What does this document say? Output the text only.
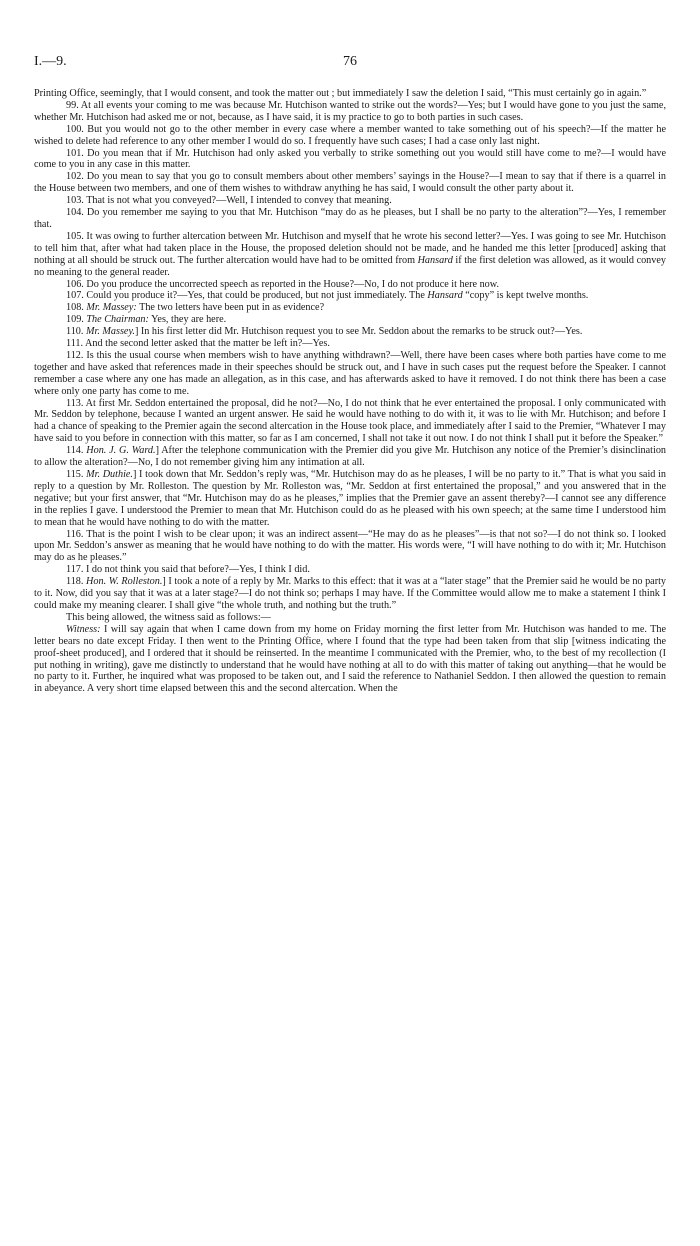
I.—9.	76

Printing Office, seemingly, that I would consent, and took the matter out ; but immediately I saw the deletion I said, “This must certainly go in again.”

99. At all events your coming to me was because Mr. Hutchison wanted to strike out the words?—Yes; but I would have gone to you just the same, whether Mr. Hutchison had asked me or not, because, as I have said, it is my practice to go to both parties in such cases.

100. But you would not go to the other member in every case where a member wanted to take something out of his speech?—If the matter he wished to delete had reference to any other member I would do so. I frequently have such cases; I had a case only last night.

101. Do you mean that if Mr. Hutchison had only asked you verbally to strike something out you would still have come to me?—I would have come to you in any case in this matter.

102. Do you mean to say that you go to consult members about other members’ sayings in the House?—I mean to say that if there is a quarrel in the House between two members, and one of them wishes to withdraw anything he has said, I would consult the other party about it.

103. That is not what you conveyed?—Well, I intended to convey that meaning.

104. Do you remember me saying to you that Mr. Hutchison “may do as he pleases, but I shall be no party to the alteration”?—Yes, I remember that.

105. It was owing to further altercation between Mr. Hutchison and myself that he wrote his second letter?—Yes. I was going to see Mr. Hutchison to tell him that, after what had taken place in the House, the proposed deletion should not be made, and he handed me this letter [produced] asking that nothing at all should be struck out. The further altercation would have had to be omitted from Hansard if the first deletion was allowed, as it would convey no meaning to the general reader.

106. Do you produce the uncorrected speech as reported in the House?—No, I do not produce it here now.

107. Could you produce it?—Yes, that could be produced, but not just immediately. The Hansard “copy” is kept twelve months.

108. Mr. Massey: The two letters have been put in as evidence?

109. The Chairman: Yes, they are here.

110. Mr. Massey.] In his first letter did Mr. Hutchison request you to see Mr. Seddon about the remarks to be struck out?—Yes.

111. And the second letter asked that the matter be left in?—Yes.

112. Is this the usual course when members wish to have anything withdrawn?—Well, there have been cases where both parties have come to me together and have asked that references made in their speeches should be struck out, and I have in such cases put the request before the Speaker. I cannot remember a case where any one has made an allegation, as in this case, and has afterwards asked to have it removed. I do not think there has been a case where only one party has come to me.

113. At first Mr. Seddon entertained the proposal, did he not?—No, I do not think that he ever entertained the proposal. I only communicated with Mr. Seddon by telephone, because I wanted an urgent answer. He said he would have nothing to do with it, it was to lie with Mr. Hutchison; and before I had a chance of speaking to the Premier again the second altercation in the House took place, and immediately after I said to the Premier, “Whatever I may have said to you before in connection with this matter, so far as I am concerned, I shall not take it out now. I do not think I shall put it before the Speaker.”

114. Hon. J. G. Ward.] After the telephone communication with the Premier did you give Mr. Hutchison any notice of the Premier’s disinclination to allow the alteration?—No, I do not remember giving him any intimation at all.

115. Mr. Duthie.] I took down that Mr. Seddon’s reply was, “Mr. Hutchison may do as he pleases, I will be no party to it.” That is what you said in reply to a question by Mr. Rolleston. The question by Mr. Rolleston was, “Mr. Seddon at first entertained the proposal,” and you answered that in the negative; but your first answer, that “Mr. Hutchison may do as he pleases,” implies that the Premier gave an assent thereby?—I cannot see any difference in the replies I gave. I understood the Premier to mean that Mr. Hutchison could do as he pleased with his own speech; at the same time I understood him to mean that he would have nothing to do with the matter.

116. That is the point I wish to be clear upon; it was an indirect assent—“He may do as he pleases”—is that not so?—I do not think so. I looked upon Mr. Seddon’s answer as meaning that he would have nothing to do with the matter. His words were, “I will have nothing to do with it; Mr. Hutchison may do as he pleases.”

117. I do not think you said that before?—Yes, I think I did.

118. Hon. W. Rolleston.] I took a note of a reply by Mr. Marks to this effect: that it was at a “later stage” that the Premier said he would be no party to it. Now, did you say that it was at a later stage?—I do not think so; perhaps I may have. If the Committee would allow me to make a statement I think I could make my meaning clearer. I shall give “the whole truth, and nothing but the truth.”

This being allowed, the witness said as follows:—

Witness: I will say again that when I came down from my home on Friday morning the first letter from Mr. Hutchison was handed to me. The letter bears no date except Friday. I then went to the Printing Office, where I found that the type had been taken from that slip [witness indicating the proof-sheet produced], and I ordered that it should be reinserted. In the meantime I communicated with the Premier, who, to the best of my recollection (I put nothing in writing), gave me distinctly to understand that he would have nothing at all to do with this matter of taking out anything—that he would be no party to it. Further, he inquired what was proposed to be taken out, and I said the reference to Nathaniel Seddon. I then allowed the question to remain in abeyance. A very short time elapsed between this and the second altercation. When the
